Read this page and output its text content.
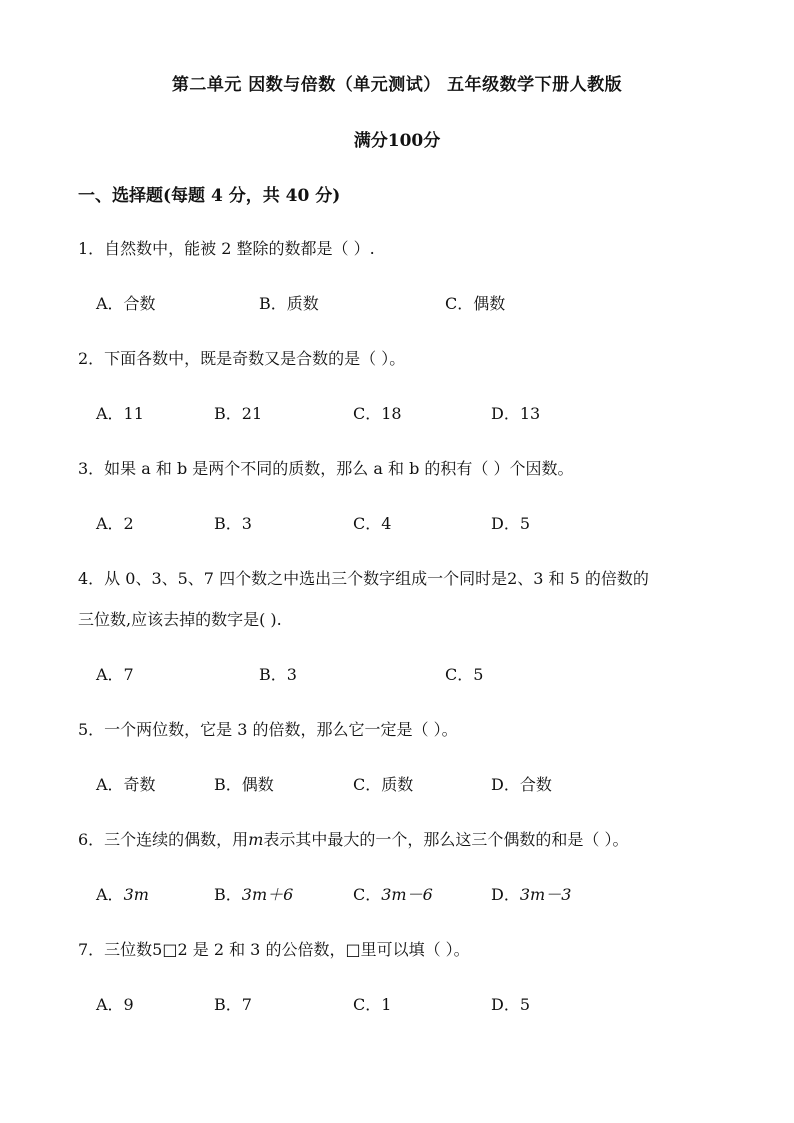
第二单元 因数与倍数（单元测试） 五年级数学下册人教版
满分100分
一、选择题(每题 4 分，共 40 分)
1．自然数中，能被 2 整除的数都是（ ）.
A．合数	B．质数	C．偶数
2．下面各数中，既是奇数又是合数的是（ ）。
A．11	B．21	C．18	D．13
3．如果 a 和 b 是两个不同的质数，那么 a 和 b 的积有（ ）个因数。
A．2	B．3	C．4	D．5
4．从 0、3、5、7 四个数之中选出三个数字组成一个同时是2、3 和 5 的倍数的
三位数,应该去掉的数字是( ).
A．7	B．3	C．5
5．一个两位数，它是 3 的倍数，那么它一定是（ ）。
A．奇数	B．偶数	C．质数	D．合数
6．三个连续的偶数，用m表示其中最大的一个，那么这三个偶数的和是（ ）。
A．3m	B．3m＋6	C．3m－6	D．3m－3
7．三位数5□2 是 2 和 3 的公倍数，□里可以填（ ）。
A．9	B．7	C．1	D．5
